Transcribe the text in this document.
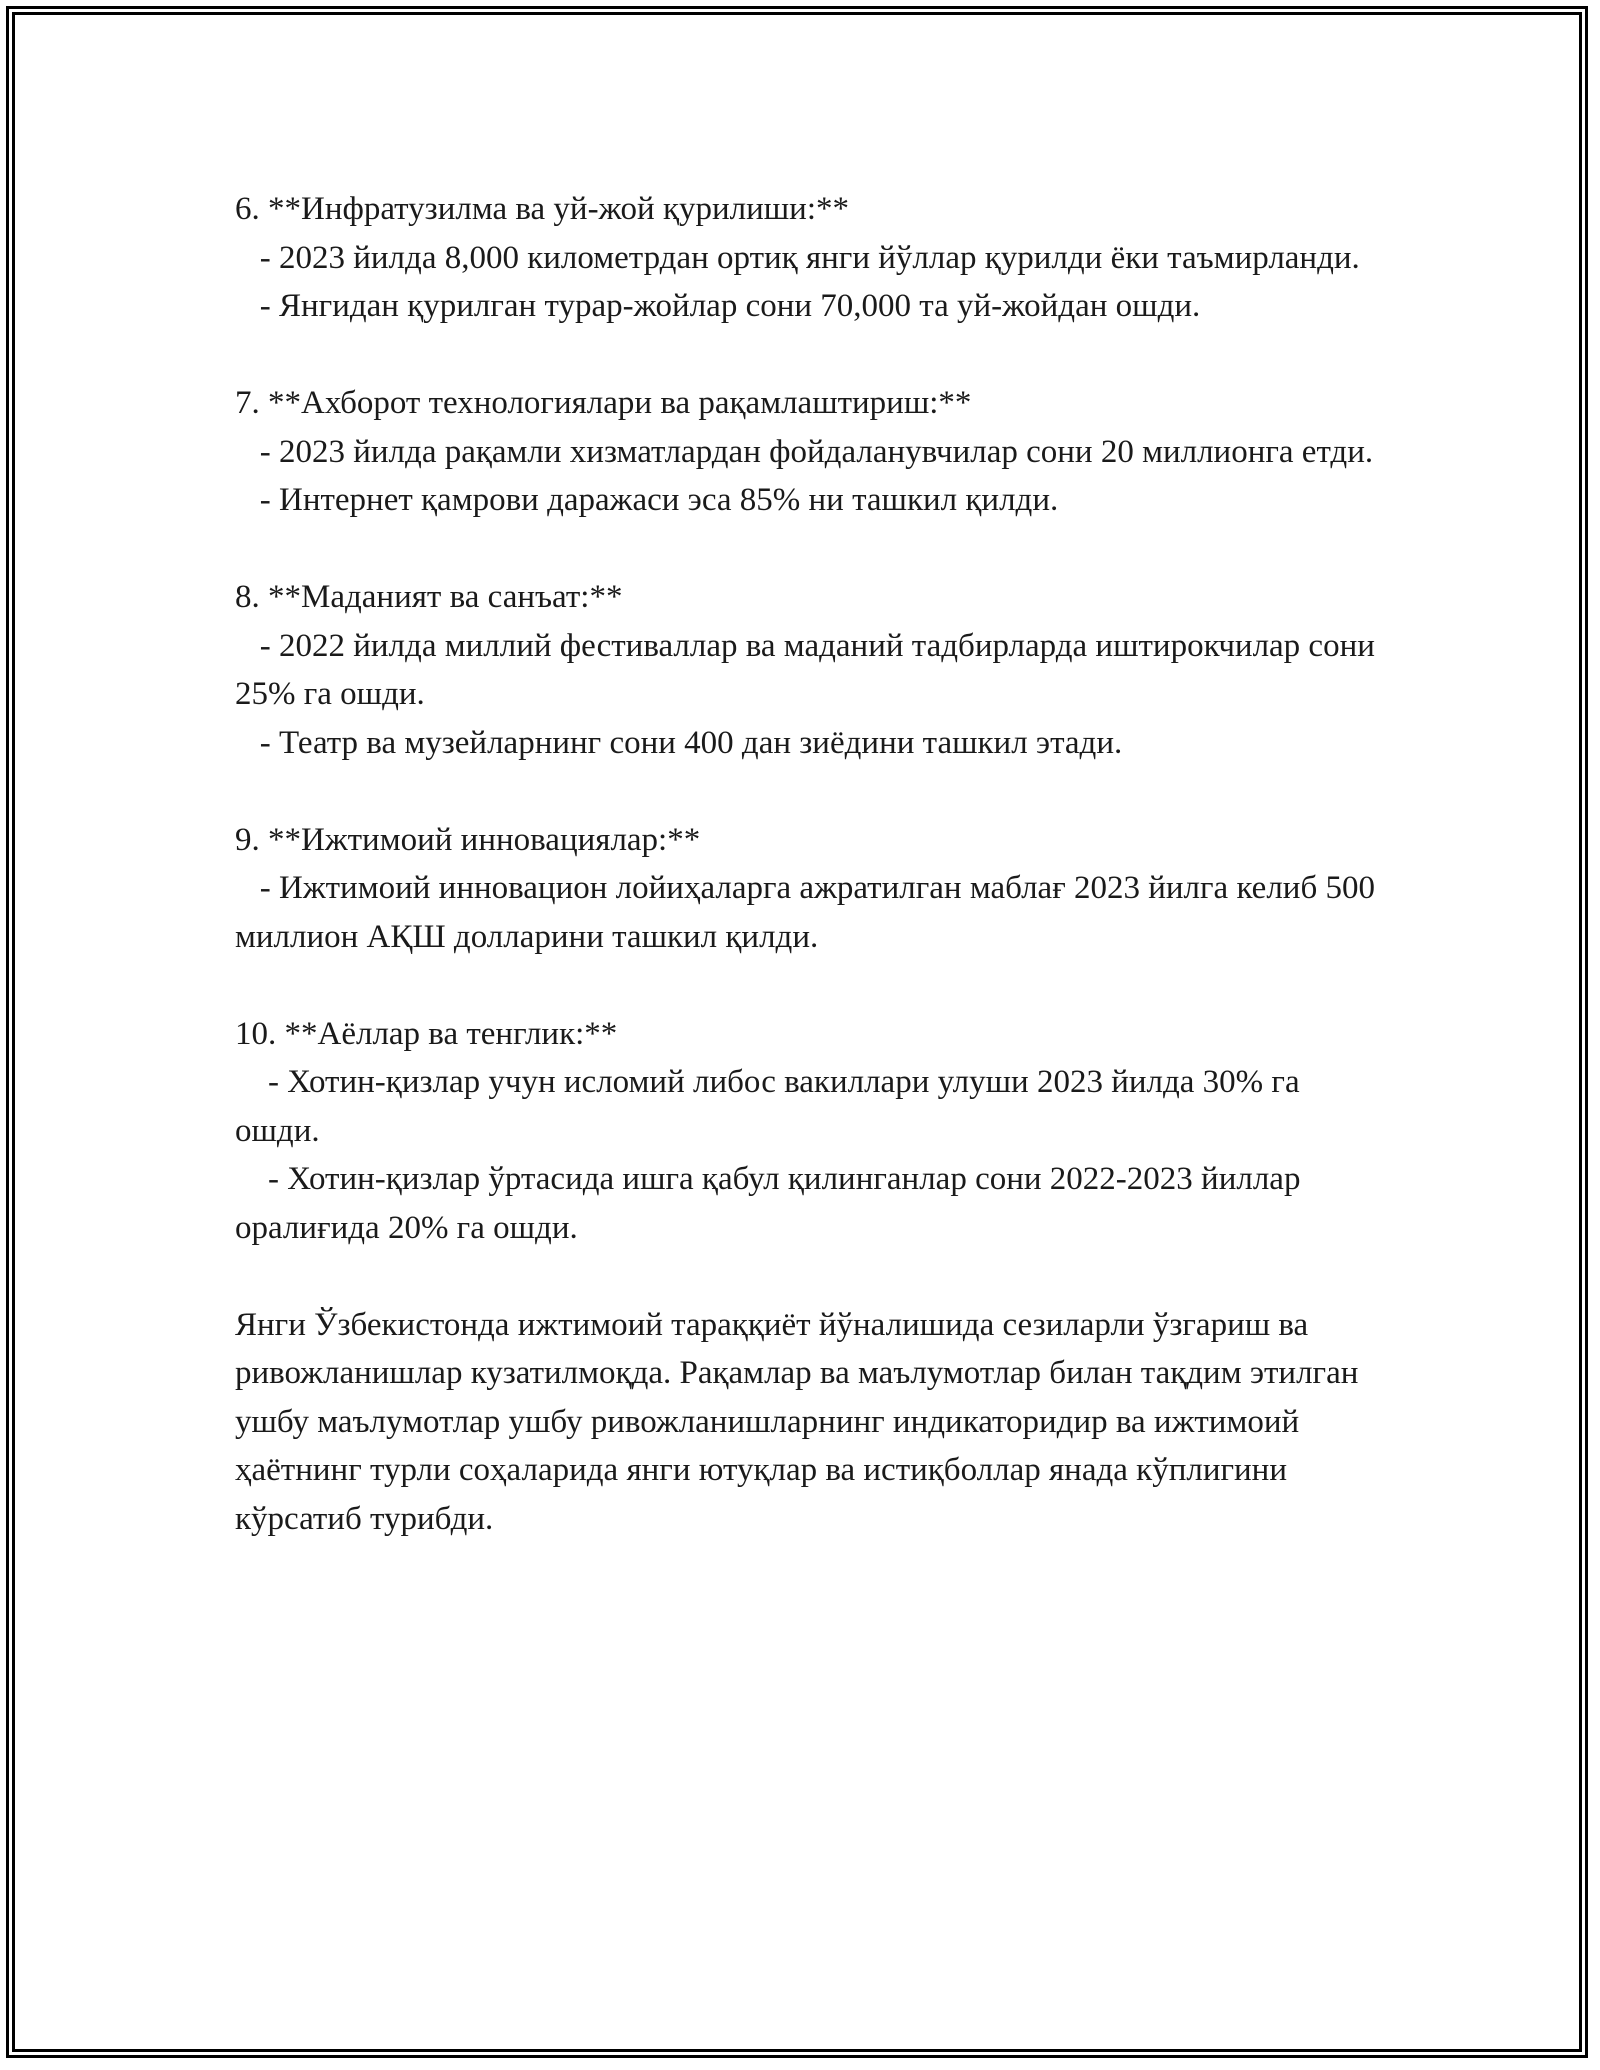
6. **Инфратузилма ва уй-жой қурилиши:**

- 2023 йилда 8,000 километрдан ортиқ янги йўллар қурилди ёки таъмирланди.

- Янгидан қурилган турар-жойлар сони 70,000 та уй-жойдан ошди.

7. **Ахборот технологиялари ва рақамлаштириш:**

- 2023 йилда рақамли хизматлардан фойдаланувчилар сони 20 миллионга етди.

- Интернет қамрови даражаси эса 85% ни ташкил қилди.

8. **Маданият ва санъат:**

- 2022 йилда миллий фестиваллар ва маданий тадбирларда иштирокчилар сони 25% га ошди.

- Театр ва музейларнинг сони 400 дан зиёдини ташкил этади.

9. **Ижтимоий инновациялар:**

- Ижтимоий инновацион лойиҳаларга ажратилган маблағ 2023 йилга келиб 500 миллион АҚШ долларини ташкил қилди.

10. **Аёллар ва тенглик:**

- Хотин-қизлар учун исломий либос вакиллари улуши 2023 йилда 30% га ошди.

- Хотин-қизлар ўртасида ишга қабул қилинганлар сони 2022-2023 йиллар оралиғида 20% га ошди.

Янги Ўзбекистонда ижтимоий тараққиёт йўналишида сезиларли ўзгариш ва ривожланишлар кузатилмоқда. Рақамлар ва маълумотлар билан тақдим этилган ушбу маълумотлар ушбу ривожланишларнинг индикаторидир ва ижтимоий ҳаётнинг турли соҳаларида янги ютуқлар ва истиқболлар янада кўплигини кўрсатиб турибди.
